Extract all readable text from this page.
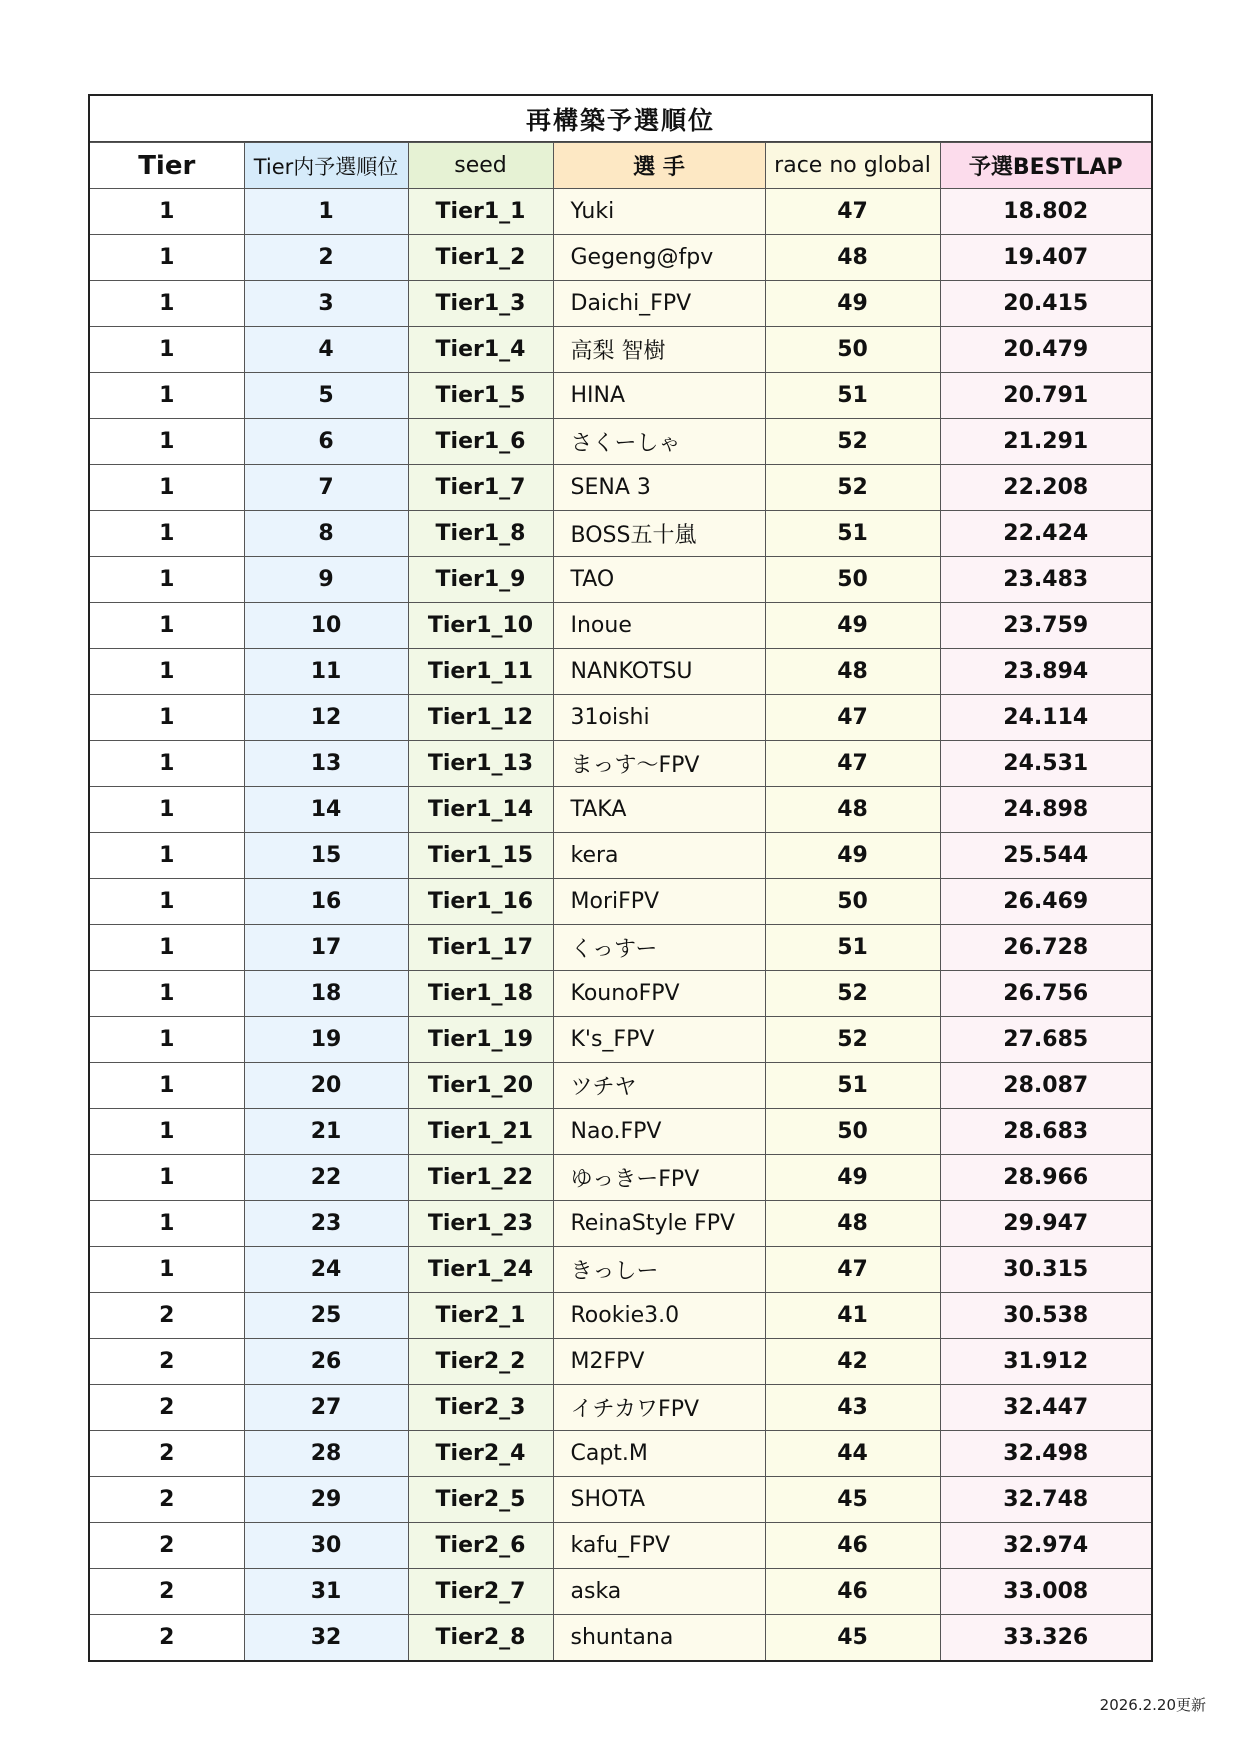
再構築予選順位
Tier	Tier内予選順位	seed	選 手	race no global	予選BESTLAP
1	1	Tier1_1	Yuki	47	18.802
1	2	Tier1_2	Gegeng@fpv	48	19.407
1	3	Tier1_3	Daichi_FPV	49	20.415
1	4	Tier1_4	高梨 智樹	50	20.479
1	5	Tier1_5	HINA	51	20.791
1	6	Tier1_6	さくーしゃ	52	21.291
1	7	Tier1_7	SENA 3	52	22.208
1	8	Tier1_8	BOSS五十嵐	51	22.424
1	9	Tier1_9	TAO	50	23.483
1	10	Tier1_10	Inoue	49	23.759
1	11	Tier1_11	NANKOTSU	48	23.894
1	12	Tier1_12	31oishi	47	24.114
1	13	Tier1_13	まっす〜FPV	47	24.531
1	14	Tier1_14	TAKA	48	24.898
1	15	Tier1_15	kera	49	25.544
1	16	Tier1_16	MoriFPV	50	26.469
1	17	Tier1_17	くっすー	51	26.728
1	18	Tier1_18	KounoFPV	52	26.756
1	19	Tier1_19	K's_FPV	52	27.685
1	20	Tier1_20	ツチヤ	51	28.087
1	21	Tier1_21	Nao.FPV	50	28.683
1	22	Tier1_22	ゆっきーFPV	49	28.966
1	23	Tier1_23	ReinaStyle FPV	48	29.947
1	24	Tier1_24	きっしー	47	30.315
2	25	Tier2_1	Rookie3.0	41	30.538
2	26	Tier2_2	M2FPV	42	31.912
2	27	Tier2_3	イチカワFPV	43	32.447
2	28	Tier2_4	Capt.M	44	32.498
2	29	Tier2_5	SHOTA	45	32.748
2	30	Tier2_6	kafu_FPV	46	32.974
2	31	Tier2_7	aska	46	33.008
2	32	Tier2_8	shuntana	45	33.326
2026.2.20更新
